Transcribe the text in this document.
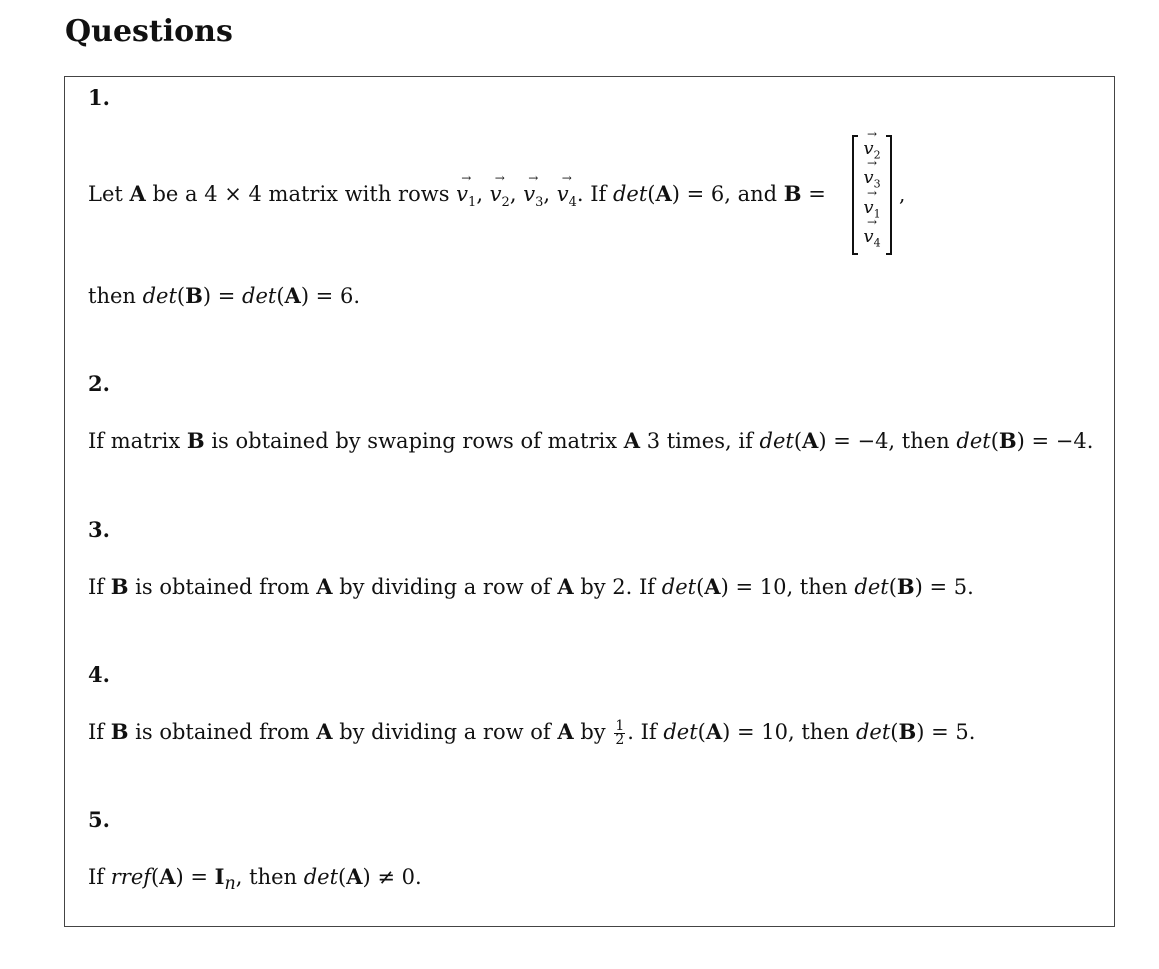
Questions
1.
Let A be a 4 × 4 matrix with rows
→
$v_1$,
→
$v_2$,
→
$v_3$,
→
$v_4$. If det(A) = 6, and B =
→
$v_2$
→
$v_3$
→
$v_1$
→
$v_4$
,
then det(B) = det(A) = 6.
2.
If matrix B is obtained by swaping rows of matrix A 3 times, if det(A) = −4, then det(B) = −4.
3.
If B is obtained from A by dividing a row of A by 2. If det(A) = 10, then det(B) = 5.
4.
If B is obtained from A by dividing a row of A by $\frac{1}{2}$ . If det(A) = 10, then det(B) = 5.
5.
If rref(A) = $I_n$, then det(A) ≠ 0.
